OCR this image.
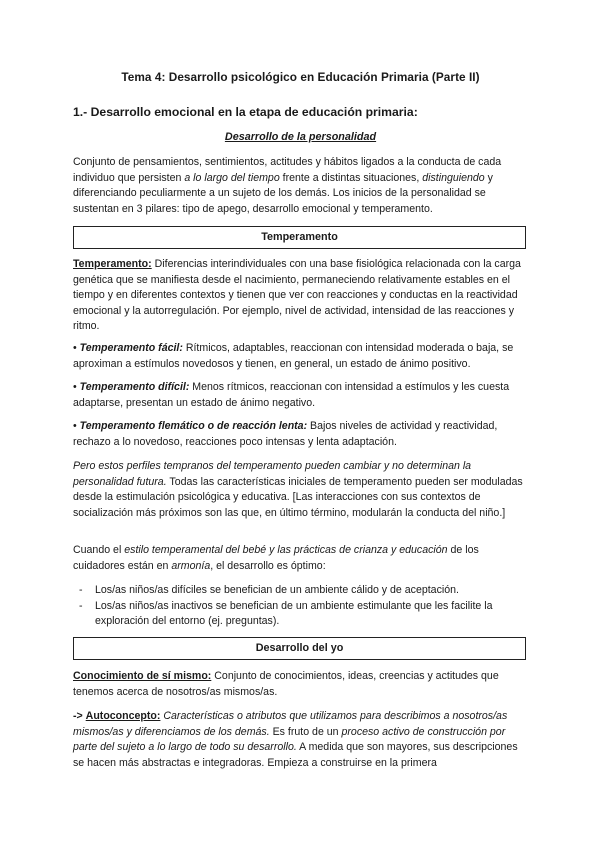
Tema 4: Desarrollo psicológico en Educación Primaria (Parte II)
1.- Desarrollo emocional en la etapa de educación primaria:
Desarrollo de la personalidad
Conjunto de pensamientos, sentimientos, actitudes y hábitos ligados a la conducta de cada individuo que persisten a lo largo del tiempo frente a distintas situaciones, distinguiendo y diferenciando peculiarmente a un sujeto de los demás. Los inicios de la personalidad se sustentan en 3 pilares: tipo de apego, desarrollo emocional y temperamento.
Temperamento
Temperamento: Diferencias interindividuales con una base fisiológica relacionada con la carga genética que se manifiesta desde el nacimiento, permaneciendo relativamente estables en el tiempo y en diferentes contextos y tienen que ver con reacciones y conductas en la reactividad emocional y la autorregulación. Por ejemplo, nivel de actividad, intensidad de las reacciones y ritmo.
• Temperamento fácil: Rítmicos, adaptables, reaccionan con intensidad moderada o baja, se aproximan a estímulos novedosos y tienen, en general, un estado de ánimo positivo.
• Temperamento difícil: Menos rítmicos, reaccionan con intensidad a estímulos y les cuesta adaptarse, presentan un estado de ánimo negativo.
• Temperamento flemático o de reacción lenta: Bajos niveles de actividad y reactividad, rechazo a lo novedoso, reacciones poco intensas y lenta adaptación.
Pero estos perfiles tempranos del temperamento pueden cambiar y no determinan la personalidad futura. Todas las características iniciales de temperamento pueden ser moduladas desde la estimulación psicológica y educativa. [Las interacciones con sus contextos de socialización más próximos son las que, en último término, modularán la conducta del niño.]
Cuando el estilo temperamental del bebé y las prácticas de crianza y educación de los cuidadores están en armonía, el desarrollo es óptimo:
- Los/as niños/as difíciles se benefician de un ambiente cálido y de aceptación.
- Los/as niños/as inactivos se benefician de un ambiente estimulante que les facilite la exploración del entorno (ej. preguntas).
Desarrollo del yo
Conocimiento de sí mismo: Conjunto de conocimientos, ideas, creencias y actitudes que tenemos acerca de nosotros/as mismos/as.
-> Autoconcepto: Características o atributos que utilizamos para describimos a nosotros/as mismos/as y diferenciamos de los demás. Es fruto de un proceso activo de construcción por parte del sujeto a lo largo de todo su desarrollo. A medida que son mayores, sus descripciones se hacen más abstractas e integradoras. Empieza a construirse en la primera
